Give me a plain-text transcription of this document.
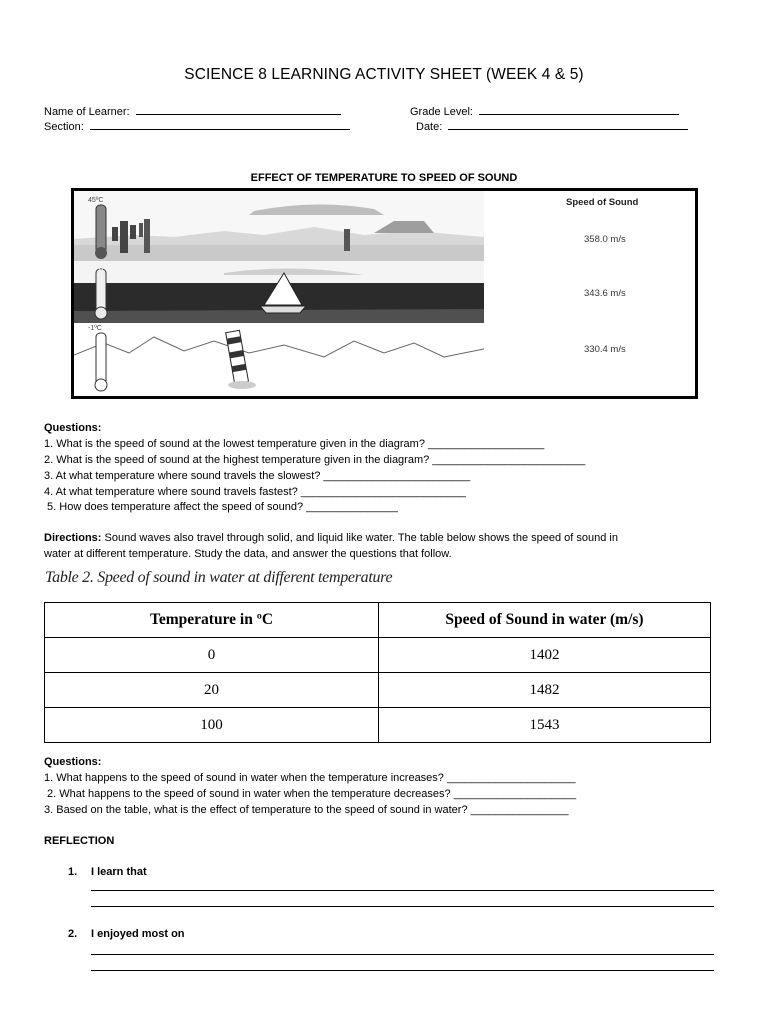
SCIENCE 8 LEARNING ACTIVITY SHEET (WEEK 4 & 5)
Name of Learner:
Section:
Grade Level:
Date:
EFFECT OF TEMPERATURE TO SPEED OF SOUND
45ºC
21ºC
-1ºC
Speed of Sound
358.0 m/s
343.6 m/s
330.4 m/s
Questions:
1. What is the speed of sound at the lowest temperature given in the diagram? ___________________
2. What is the speed of sound at the highest temperature given in the diagram? _________________________
3. At what temperature where sound travels the slowest? ________________________
4. At what temperature where sound travels fastest? ___________________________
5. How does temperature affect the speed of sound? _______________
Directions: Sound waves also travel through solid, and liquid like water. The table below shows the speed of sound in
water at different temperature. Study the data, and answer the questions that follow.
Table 2. Speed of sound in water at different temperature
Temperature in ºC	Speed of Sound in water (m/s)
0	1402
20	1482
100	1543
Questions:
1. What happens to the speed of sound in water when the temperature increases? _____________________
2. What happens to the speed of sound in water when the temperature decreases? ____________________
3. Based on the table, what is the effect of temperature to the speed of sound in water? ________________
REFLECTION
1. I learn that
2. I enjoyed most on
